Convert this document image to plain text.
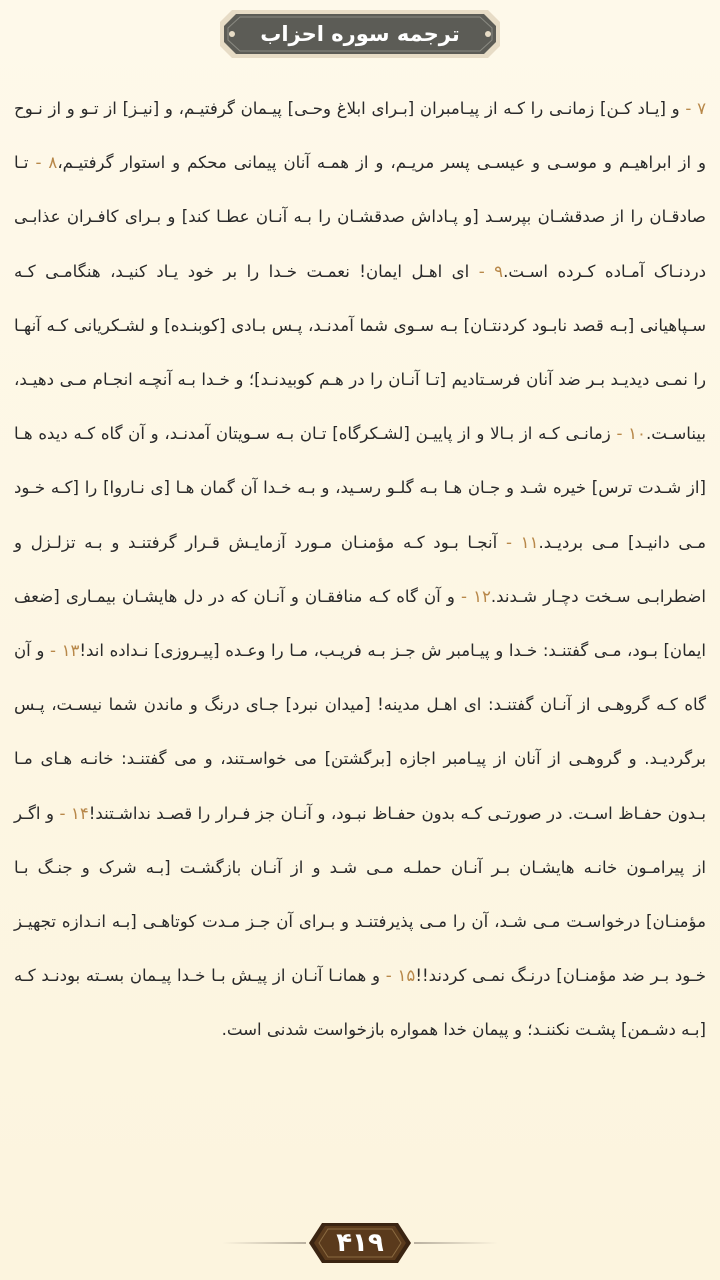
ترجمه سوره احزاب
۷ - و [یـاد کـن] زمانـی را کـه از پیـامبران [بـرای ابلاغ وحـی] پیـمان گرفتیـم، و [نیـز] از تـو و از نـوح و از ابراهیـم و موسـی و عیسـی پسر مریـم، و از همـه آنان پیمانی محکم و استوار گرفتیـم،۸ - تـا صادقـان را از صدقشـان بپرسـد [و پـاداش صدقشـان را بـه آنـان عطـا کند] و بـرای کافـران عذابـی دردنـاک آمـاده کـرده اسـت.۹ - ای اهـل ایمان! نعمـت خـدا را بر خود یـاد کنیـد، هنگامـی کـه سـپاهیانی [بـه قصد نابـود کردنتـان] بـه سـوی شما آمدنـد، پـس بـادی [کوبنـده] و لشـکریانی کـه آنهـا را نمـی دیدیـد بـر ضد آنان فرسـتادیم [تـا آنـان را در هـم کوبیدنـد]؛ و خـدا بـه آنچـه انجـام مـی دهیـد، بیناسـت.۱۰ - زمانـی کـه از بـالا و از پاییـن [لشـکرگاه] تـان بـه سـویتان آمدنـد، و آن گاه کـه دیده هـا [از شـدت ترس] خیره شـد و جـان هـا بـه گلـو رسـید، و بـه خـدا آن گمان هـا [ی نـاروا] را [کـه خـود مـی دانیـد] مـی بردیـد.۱۱ - آنجـا بـود کـه مؤمنـان مـورد آزمایـش قـرار گرفتنـد و بـه تزلـزل و اضطرابـی سـخت دچـار شـدند.۱۲ - و آن گاه کـه منافقـان و آنـان که در دل هایشـان بیمـاری [ضعف ایمان] بـود، مـی گفتنـد: خـدا و پیـامبر ش جـز بـه فریـب، مـا را وعـده [پیـروزی] نـداده اند!۱۳ - و آن گاه کـه گروهـی از آنـان گفتنـد: ای اهـل مدینه! [میدان نبرد] جـای درنگ و ماندن شما نیسـت، پـس برگردیـد. و گروهـی از آنان از پیـامبر اجازه [برگشتن] می خواسـتند، و می گفتنـد: خانـه هـای مـا بـدون حفـاظ اسـت. در صورتـی کـه بدون حفـاظ نبـود، و آنـان جز فـرار را قصـد نداشـتند!۱۴ - و اگـر از پیرامـون خانـه هایشـان بـر آنـان حملـه مـی شـد و از آنـان بازگشـت [بـه شرک و جنـگ بـا مؤمنـان] درخواسـت مـی شـد، آن را مـی پذیرفتنـد و بـرای آن جـز مـدت کوتاهـی [بـه انـدازه تجهیـز خـود بـر ضد مؤمنـان] درنـگ نمـی کردند!!۱۵ - و همانـا آنـان از پیـش بـا خـدا پیـمان بسـته بودنـد کـه [بـه دشـمن] پشـت نکننـد؛ و پیمان خدا همواره بازخواست شدنی است.
۴۱۹
